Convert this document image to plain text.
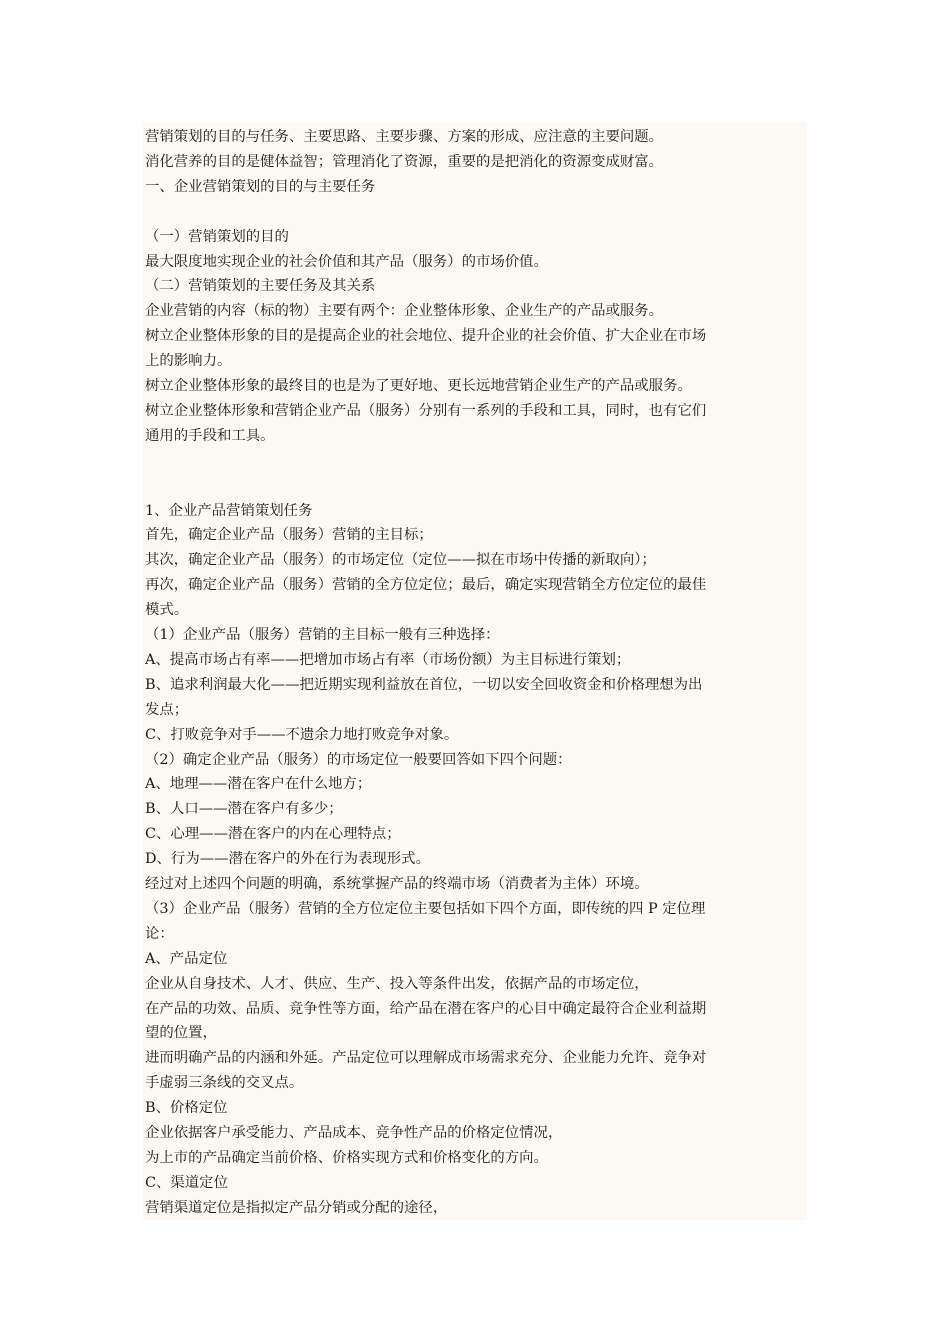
营销策划的目的与任务、主要思路、主要步骤、方案的形成、应注意的主要问题。
消化营养的目的是健体益智；管理消化了资源，重要的是把消化的资源变成财富。
一、企业营销策划的目的与主要任务
（一）营销策划的目的
最大限度地实现企业的社会价值和其产品（服务）的市场价值。
（二）营销策划的主要任务及其关系
企业营销的内容（标的物）主要有两个：企业整体形象、企业生产的产品或服务。
树立企业整体形象的目的是提高企业的社会地位、提升企业的社会价值、扩大企业在市场
上的影响力。
树立企业整体形象的最终目的也是为了更好地、更长远地营销企业生产的产品或服务。
树立企业整体形象和营销企业产品（服务）分别有一系列的手段和工具，同时，也有它们
通用的手段和工具。
1、企业产品营销策划任务
首先，确定企业产品（服务）营销的主目标；
其次，确定企业产品（服务）的市场定位（定位——拟在市场中传播的新取向）；
再次，确定企业产品（服务）营销的全方位定位；最后，确定实现营销全方位定位的最佳
模式。
（1）企业产品（服务）营销的主目标一般有三种选择：
A、提高市场占有率——把增加市场占有率（市场份额）为主目标进行策划；
B、追求利润最大化——把近期实现利益放在首位，一切以安全回收资金和价格理想为出
发点；
C、打败竞争对手——不遗余力地打败竞争对象。
（2）确定企业产品（服务）的市场定位一般要回答如下四个问题：
A、地理——潜在客户在什么地方；
B、人口——潜在客户有多少；
C、心理——潜在客户的内在心理特点；
D、行为——潜在客户的外在行为表现形式。
经过对上述四个问题的明确，系统掌握产品的终端市场（消费者为主体）环境。
（3）企业产品（服务）营销的全方位定位主要包括如下四个方面，即传统的四 P 定位理
论：
A、产品定位
企业从自身技术、人才、供应、生产、投入等条件出发，依据产品的市场定位，
在产品的功效、品质、竞争性等方面，给产品在潜在客户的心目中确定最符合企业利益期
望的位置，
进而明确产品的内涵和外延。产品定位可以理解成市场需求充分、企业能力允许、竞争对
手虚弱三条线的交叉点。
B、价格定位
企业依据客户承受能力、产品成本、竞争性产品的价格定位情况，
为上市的产品确定当前价格、价格实现方式和价格变化的方向。
C、渠道定位
营销渠道定位是指拟定产品分销或分配的途径，
